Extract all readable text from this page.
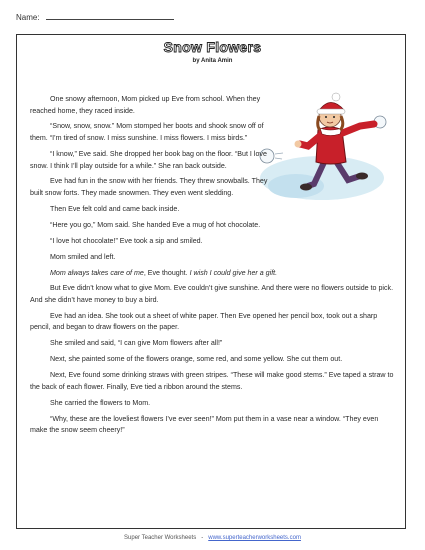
Name:
Snow Flowers
by Anita Amin

One snowy afternoon, Mom picked up Eve from school. When they reached home, they raced inside.

“Snow, snow, snow.” Mom stomped her boots and shook snow off of them. “I’m tired of snow. I miss sunshine. I miss flowers. I miss birds.”

“I know,” Eve said. She dropped her book bag on the floor. “But I love snow. I think I’ll play outside for a while.” She ran back outside.

Eve had fun in the snow with her friends. They threw snowballs. They built snow forts. They made snowmen. They even went sledding.

Then Eve felt cold and came back inside.

“Here you go,” Mom said. She handed Eve a mug of hot chocolate.

“I love hot chocolate!” Eve took a sip and smiled.

Mom smiled and left.

Mom always takes care of me, Eve thought. I wish I could give her a gift.

But Eve didn’t know what to give Mom. Eve couldn’t give sunshine. And there were no flowers outside to pick. And she didn’t have money to buy a bird.

Eve had an idea. She took out a sheet of white paper. Then Eve opened her pencil box, took out a sharp pencil, and began to draw flowers on the paper.

She smiled and said, “I can give Mom flowers after all!”

Next, she painted some of the flowers orange, some red, and some yellow. She cut them out.

Next, Eve found some drinking straws with green stripes. “These will make good stems.” Eve taped a straw to the back of each flower. Finally, Eve tied a ribbon around the stems.

She carried the flowers to Mom.

“Why, these are the loveliest flowers I’ve ever seen!” Mom put them in a vase near a window. “They even make the snow seem cheery!”

Super Teacher Worksheets - www.superteacherworksheets.com
